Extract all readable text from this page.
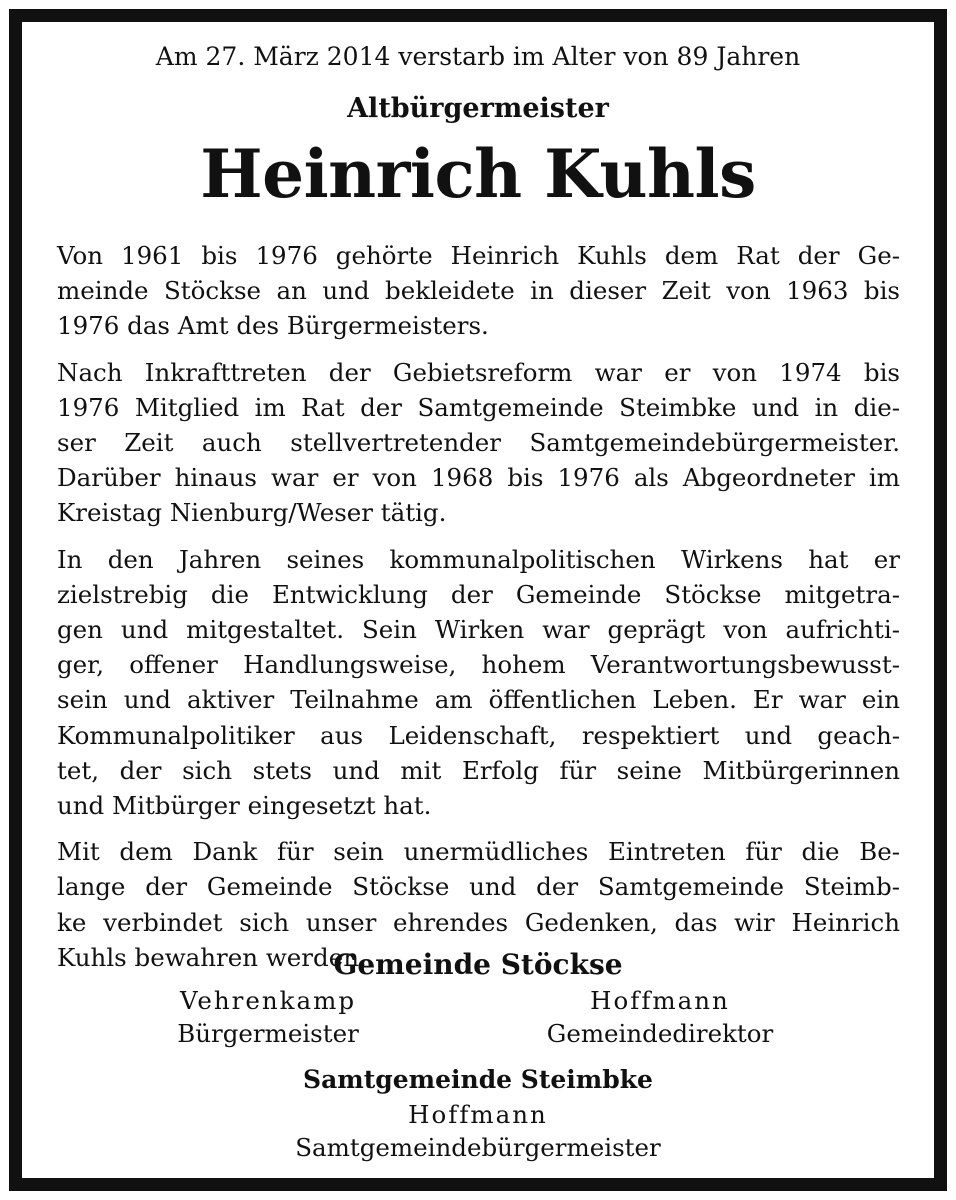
Am 27. März 2014 verstarb im Alter von 89 Jahren
Altbürgermeister
Heinrich Kuhls
Von 1961 bis 1976 gehörte Heinrich Kuhls dem Rat der Ge-
meinde Stöckse an und bekleidete in dieser Zeit von 1963 bis
1976 das Amt des Bürgermeisters.
Nach Inkrafttreten der Gebietsreform war er von 1974 bis
1976 Mitglied im Rat der Samtgemeinde Steimbke und in die-
ser Zeit auch stellvertretender Samtgemeindebürgermeister.
Darüber hinaus war er von 1968 bis 1976 als Abgeordneter im
Kreistag Nienburg/Weser tätig.
In den Jahren seines kommunalpolitischen Wirkens hat er
zielstrebig die Entwicklung der Gemeinde Stöckse mitgetra-
gen und mitgestaltet. Sein Wirken war geprägt von aufrichti-
ger, offener Handlungsweise, hohem Verantwortungsbewusst-
sein und aktiver Teilnahme am öffentlichen Leben. Er war ein
Kommunalpolitiker aus Leidenschaft, respektiert und geach-
tet, der sich stets und mit Erfolg für seine Mitbürgerinnen
und Mitbürger eingesetzt hat.
Mit dem Dank für sein unermüdliches Eintreten für die Be-
lange der Gemeinde Stöckse und der Samtgemeinde Steimb-
ke verbindet sich unser ehrendes Gedenken, das wir Heinrich
Kuhls bewahren werden.
Gemeinde Stöckse
Vehrenkamp
Bürgermeister
Hoffmann
Gemeindedirektor
Samtgemeinde Steimbke
Hoffmann
Samtgemeindebürgermeister
